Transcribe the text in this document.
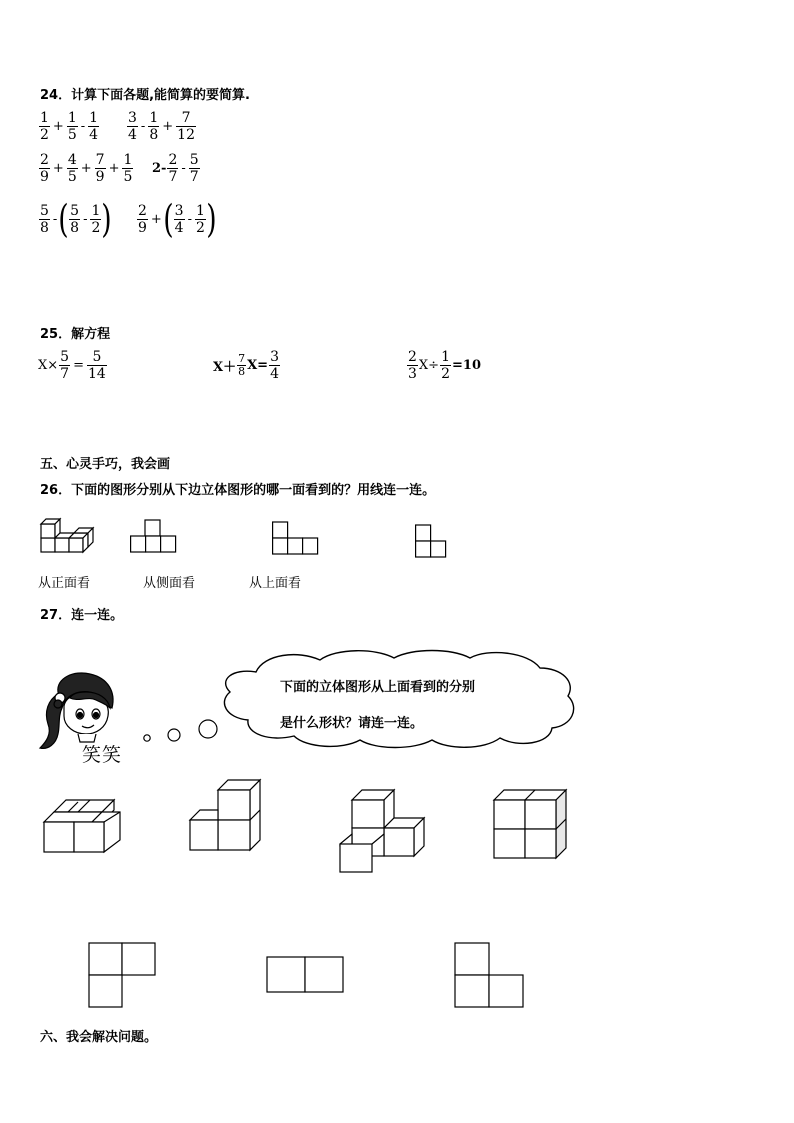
24．计算下面各题,能简算的要简算.
$\frac{1}{2} + \frac{1}{5} - \frac{1}{4} \frac{3}{4} - \frac{1}{8} + \frac{7}{12}$
$\frac{2}{9} + \frac{4}{5} + \frac{7}{9} + \frac{1}{5} 2- \frac{2}{7} - \frac{5}{7}$
$\frac{5}{8}$ - ( $\frac{5}{8} - \frac{1}{2}$ ) $\frac{2}{9}$ + ( $\frac{3}{4} - \frac{1}{2}$ )
25．解方程
$X\times \frac{5}{7} = \frac{5}{14}$	$X+ \frac{7}{8} X= \frac{3}{4}$	$\frac{2}{3} X\div \frac{1}{2} =10$
五、心灵手巧，我会画
26．下面的图形分别从下边立体图形的哪一面看到的？用线连一连。
从正面看	从侧面看	从上面看
27．连一连。
笑笑
下面的立体图形从上面看到的分别
是什么形状？请连一连。
六、我会解决问题。
